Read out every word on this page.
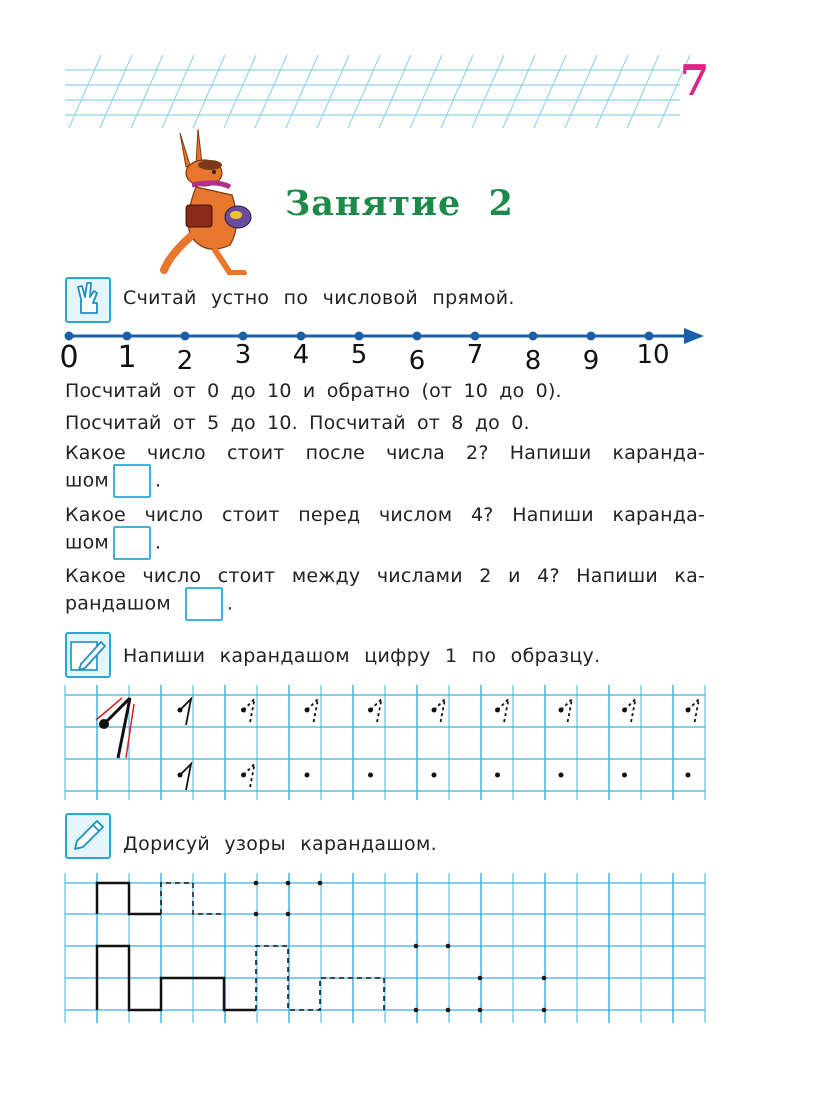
7
Занятие 2
Считай устно по числовой прямой.
0 1 2 3 4 5 6 7 8 9 10
Посчитай от 0 до 10 и обратно (от 10 до 0).
Посчитай от 5 до 10. Посчитай от 8 до 0.
Какое число стоит после числа 2? Напиши каранда-
шом .
Какое число стоит перед числом 4? Напиши каранда-
шом .
Какое число стоит между числами 2 и 4? Напиши ка-
рандашом	.
Напиши карандашом цифру 1 по образцу.
Дорисуй узоры карандашом.
